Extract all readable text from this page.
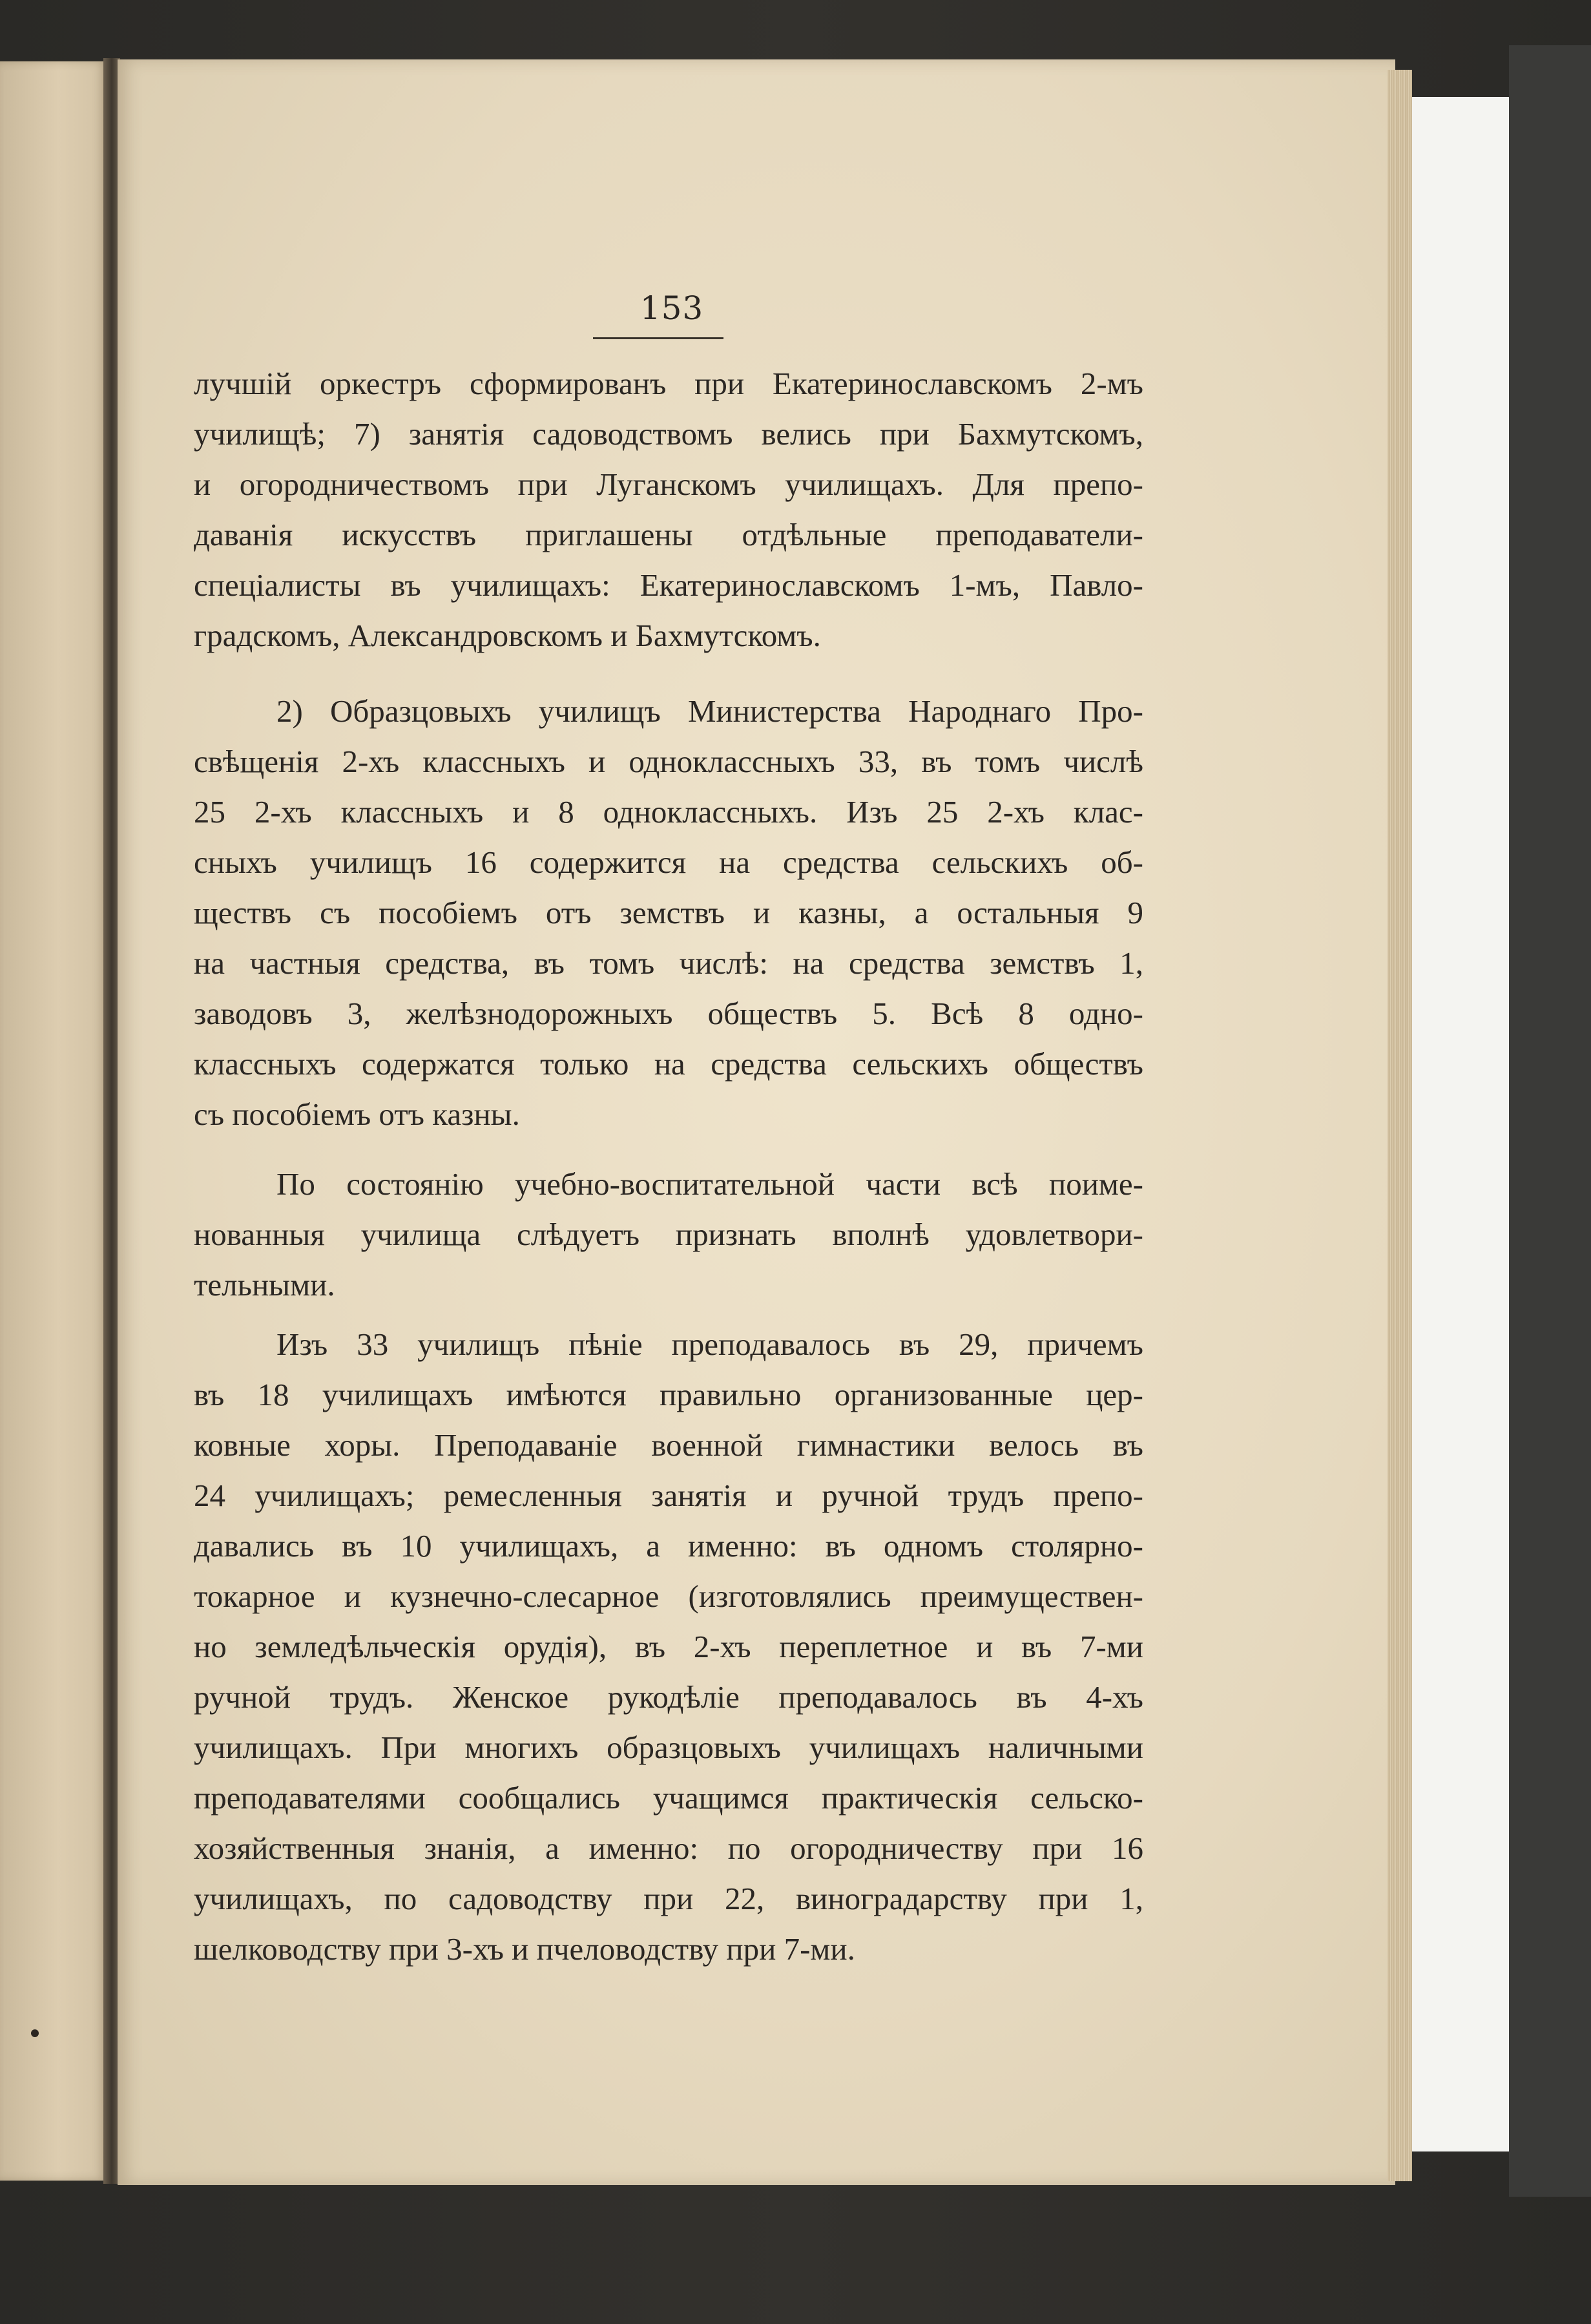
153
лучшій оркестръ сформированъ при Екатеринославскомъ 2-мъ
училищѣ; 7) занятія садоводствомъ велись при Бахмутскомъ,
и огородничествомъ при Луганскомъ училищахъ. Для препо-
даванія искусствъ приглашены отдѣльные преподаватели-
спеціалисты въ училищахъ: Екатеринославскомъ 1-мъ, Павло-
градскомъ, Александровскомъ и Бахмутскомъ.
2) Образцовыхъ училищъ Министерства Народнаго Про-
свѣщенія 2-хъ классныхъ и одноклассныхъ 33, въ томъ числѣ
25 2-хъ классныхъ и 8 одноклассныхъ. Изъ 25 2-хъ клас-
сныхъ училищъ 16 содержится на средства сельскихъ об-
ществъ съ пособіемъ отъ земствъ и казны, а остальныя 9
на частныя средства, въ томъ числѣ: на средства земствъ 1,
заводовъ 3, желѣзнодорожныхъ обществъ 5. Всѣ 8 одно-
классныхъ содержатся только на средства сельскихъ обществъ
съ пособіемъ отъ казны.
По состоянію учебно-воспитательной части всѣ поиме-
нованныя училища слѣдуетъ признать вполнѣ удовлетвори-
тельными.
Изъ 33 училищъ пѣніе преподавалось въ 29, причемъ
въ 18 училищахъ имѣются правильно организованные цер-
ковные хоры. Преподаваніе военной гимнастики велось въ
24 училищахъ; ремесленныя занятія и ручной трудъ препо-
давались въ 10 училищахъ, а именно: въ одномъ столярно-
токарное и кузнечно-слесарное (изготовлялись преимуществен-
но земледѣльческія орудія), въ 2-хъ переплетное и въ 7-ми
ручной трудъ. Женское рукодѣліе преподавалось въ 4-хъ
училищахъ. При многихъ образцовыхъ училищахъ наличными
преподавателями сообщались учащимся практическія сельско-
хозяйственныя знанія, а именно: по огородничеству при 16
училищахъ, по садоводству при 22, виноградарству при 1,
шелководству при 3-хъ и пчеловодству при 7-ми.
